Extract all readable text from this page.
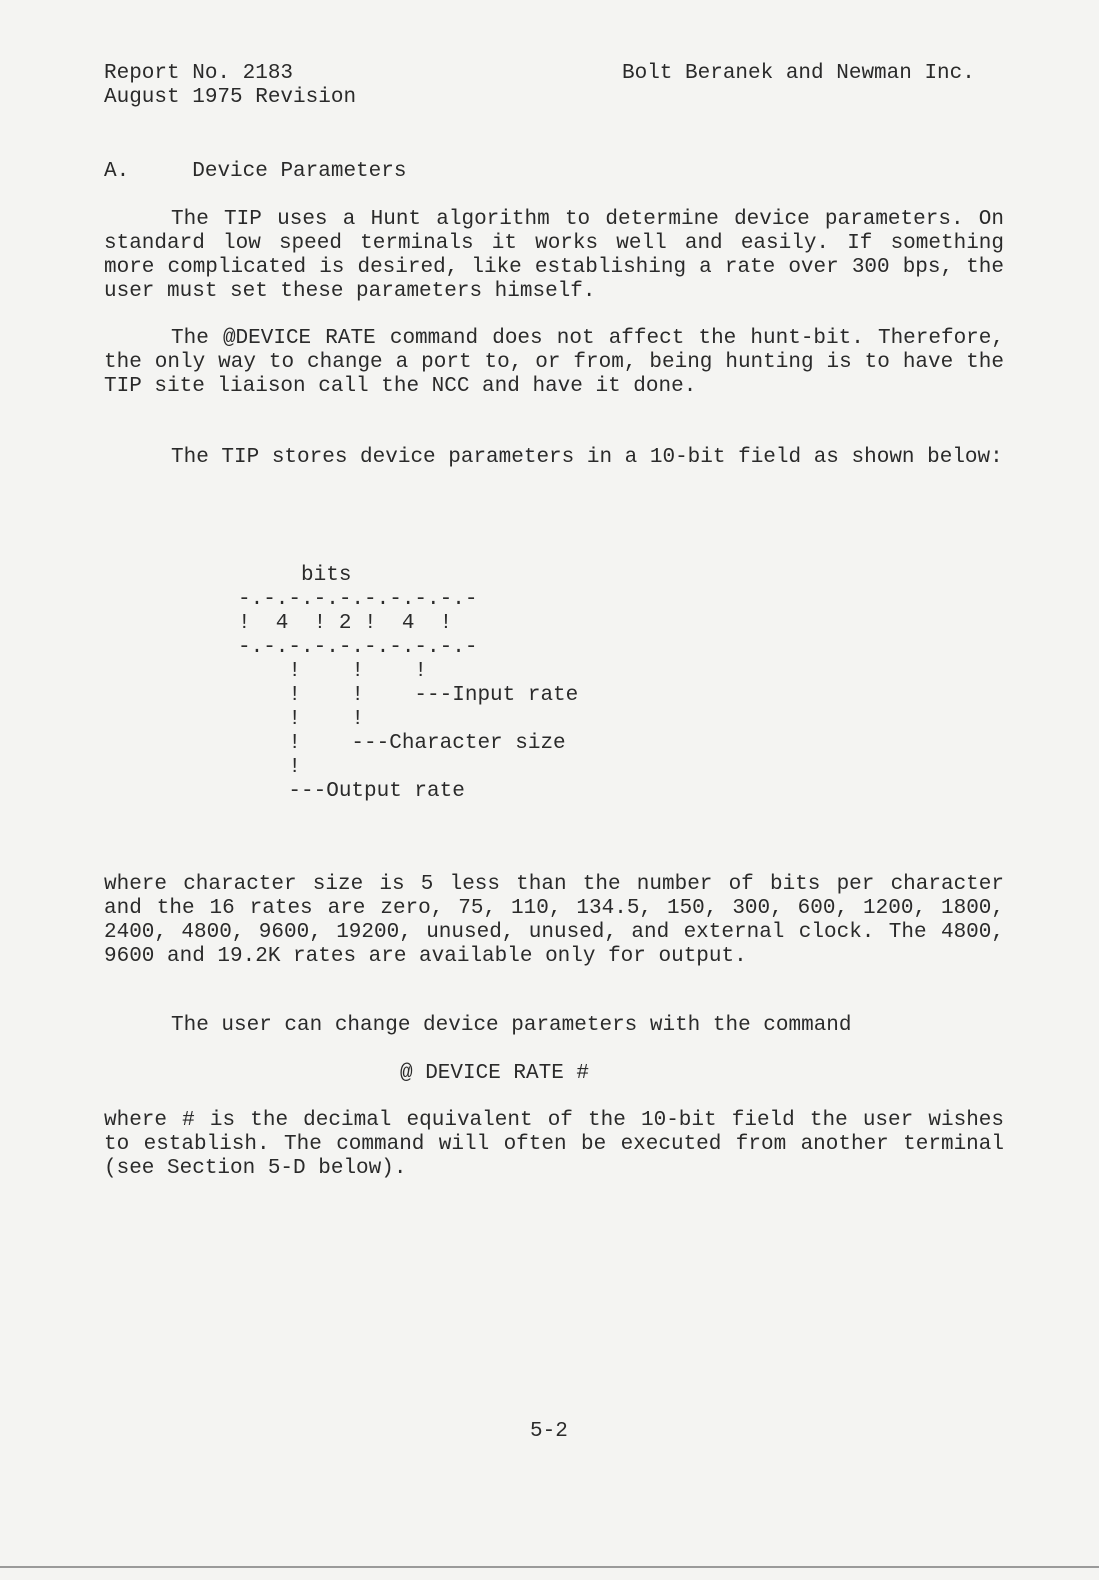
Report No. 2183
August 1975 Revision
Bolt Beranek and Newman Inc.
A.	Device Parameters

The TIP uses a Hunt algorithm to determine device parameters. On standard low speed terminals it works well and easily. If something more complicated is desired, like establishing a rate over 300 bps, the user must set these parameters himself.

The @DEVICE RATE command does not affect the hunt-bit. Therefore, the only way to change a port to, or from, being hunting is to have the TIP site liaison call the NCC and have it done.

The TIP stores device parameters in a 10-bit field as shown below:

bits
-.-.-.-.-.-.-.-.-.-
!  4  ! 2 !  4  !
-.-.-.-.-.-.-.-.-.-
!    !    !
!    !    ---Input rate
!    !
!    ---Character size
!
---Output rate

where character size is 5 less than the number of bits per character and the 16 rates are zero, 75, 110, 134.5, 150, 300, 600, 1200, 1800, 2400, 4800, 9600, 19200, unused, unused, and external clock. The 4800, 9600 and 19.2K rates are available only for output.

The user can change device parameters with the command

@ DEVICE RATE #

where # is the decimal equivalent of the 10-bit field the user wishes to establish. The command will often be executed from another terminal (see Section 5-D below).

5-2
